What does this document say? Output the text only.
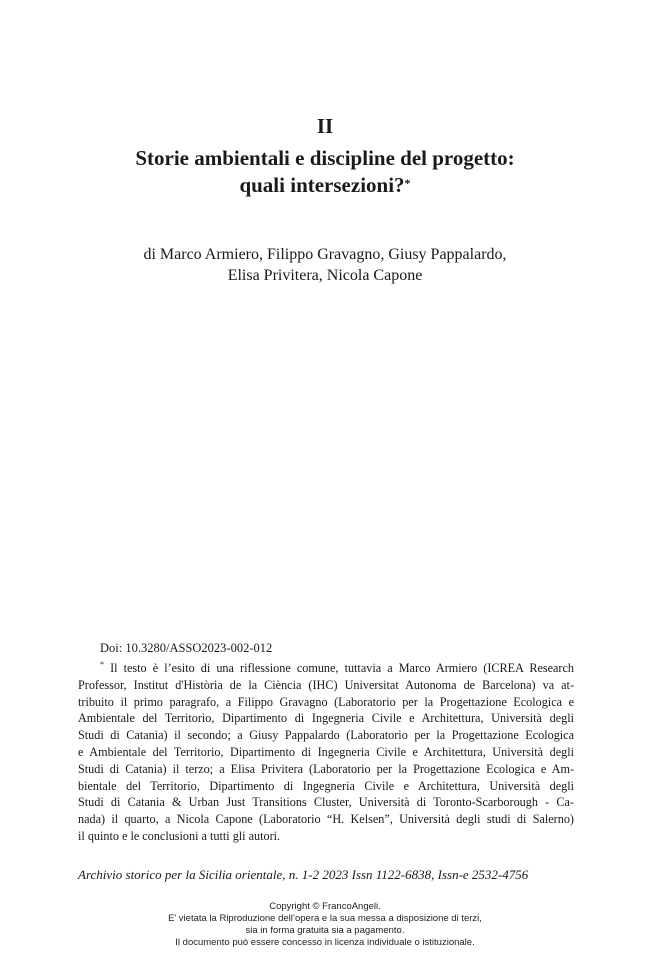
II
Storie ambientali e discipline del progetto:
quali intersezioni?*
di Marco Armiero, Filippo Gravagno, Giusy Pappalardo,
Elisa Privitera, Nicola Capone
Doi: 10.3280/ASSO2023-002-012
* Il testo è l’esito di una riflessione comune, tuttavia a Marco Armiero (ICREA Research
Professor, Institut d'Història de la Ciència (IHC) Universitat Autonoma de Barcelona) va at-
tribuito il primo paragrafo, a Filippo Gravagno (Laboratorio per la Progettazione Ecologica e
Ambientale del Territorio, Dipartimento di Ingegneria Civile e Architettura, Università degli
Studi di Catania) il secondo; a Giusy Pappalardo (Laboratorio per la Progettazione Ecologica
e Ambientale del Territorio, Dipartimento di Ingegneria Civile e Architettura, Università degli
Studi di Catania) il terzo; a Elisa Privitera (Laboratorio per la Progettazione Ecologica e Am-
bientale del Territorio, Dipartimento di Ingegneria Civile e Architettura, Università degli
Studi di Catania & Urban Just Transitions Cluster, Università di Toronto-Scarborough - Ca-
nada) il quarto, a Nicola Capone (Laboratorio “H. Kelsen”, Università degli studi di Salerno)
il quinto e le conclusioni a tutti gli autori.
Archivio storico per la Sicilia orientale, n. 1-2 2023 Issn 1122-6838, Issn-e 2532-4756
Copyright © FrancoAngeli.
E’ vietata la Riproduzione dell’opera e la sua messa a disposizione di terzi,
sia in forma gratuita sia a pagamento.
Il documento può essere concesso in licenza individuale o istituzionale.
